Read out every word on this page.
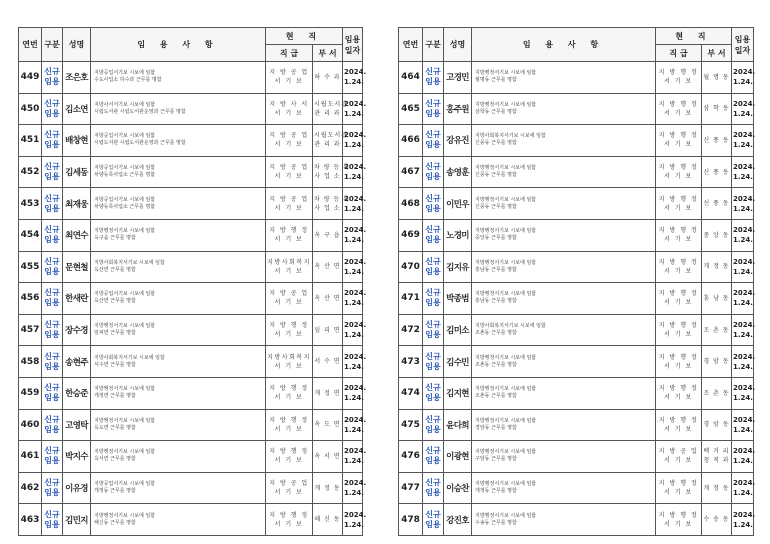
연번	구분	성명	임 용 사 항	현 직		임용
일자
				직 급	부 서	
449	신규
임용	조은호	지방공업서기보 시보에 임함
수도사업소 하수과 근무를 명함	지 방 공 업
서 기 보	하 수 과	2024.
1.24.

450	신규
임용	김소연	지방사서서기보 시보에 임함
시립도서관 시립도서관운영과 근무를 명함	지 방 사 서
서 기 보	시립도서관
관 리 과	2024.
1.24.

451	신규
임용	배창현	지방공업서기보 시보에 임함
시립도서관 시립도서관운영과 근무를 명함	지 방 공 업
서 기 보	시립도서관
관 리 과	2024.
1.24.

452	신규
임용	김세동	지방공업서기보 시보에 임함
차량등록사업소 근무를 명함	지 방 공 업
서 기 보	차 량 등 록
사 업 소	2024.
1.24.

453	신규
임용	최재웅	지방공업서기보 시보에 임함
차량등록사업소 근무를 명함	지 방 공 업
서 기 보	차 량 등 록
사 업 소	2024.
1.24.

454	신규
임용	최연수	지방행정서기보 시보에 임함
옥구읍 근무를 명함	지 방 행 정
서 기 보	옥 구 읍	2024.
1.24.

455	신규
임용	문현철	지방사회복지서기보 시보에 임함
옥산면 근무를 명함	지방사회복지
서 기 보	옥 산 면	2024.
1.24.

456	신규
임용	한새란	지방공업서기보 시보에 임함
옥산면 근무를 명함	지 방 공 업
서 기 보	옥 산 면	2024.
1.24.

457	신규
임용	장수경	지방행정서기보 시보에 임함
임피면 근무를 명함	지 방 행 정
서 기 보	임 피 면	2024.
1.24.

458	신규
임용	송현주	지방사회복지서기보 시보에 임함
서수면 근무를 명함	지방사회복지
서 기 보	서 수 면	2024.
1.24.

459	신규
임용	한승준	지방행정서기보 시보에 임함
개정면 근무를 명함	지 방 행 정
서 기 보	개 정 면	2024.
1.24.

460	신규
임용	고영탁	지방행정서기보 시보에 임함
옥도면 근무를 명함	지 방 행 정
서 기 보	옥 도 면	2024.
1.24.

461	신규
임용	박지수	지방행정서기보 시보에 임함
옥서면 근무를 명함	지 방 행 정
서 기 보	옥 서 면	2024.
1.24.

462	신규
임용	이유경	지방공업서기보 시보에 임함
개정동 근무를 명함	지 방 공 업
서 기 보	개 정 동	2024.
1.24.

463	신규
임용	김민지	지방행정서기보 시보에 임함
해신동 근무를 명함	지 방 행 정
서 기 보	해 신 동	2024.
1.24.
연번	구분	성명	임 용 사 항	현 직		임용
일자
				직 급	부 서	
464	신규
임용	고경민	지방행정서기보 시보에 임함
월명동 근무를 명함	지 방 행 정
서 기 보	월 명 동	2024.
1.24.

465	신규
임용	홍주원	지방행정서기보 시보에 임함
삼학동 근무를 명함	지 방 행 정
서 기 보	삼 학 동	2024.
1.24.

466	신규
임용	강유진	지방사회복지서기보 시보에 임함
신풍동 근무를 명함	지 방 행 정
서 기 보	신 풍 동	2024.
1.24.

467	신규
임용	송영훈	지방행정서기보 시보에 임함
신풍동 근무를 명함	지 방 행 정
서 기 보	신 풍 동	2024.
1.24.

468	신규
임용	이민우	지방행정서기보 시보에 임함
신풍동 근무를 명함	지 방 행 정
서 기 보	신 풍 동	2024.
1.24.

469	신규
임용	노경미	지방행정서기보 시보에 임함
중앙동 근무를 명함	지 방 행 정
서 기 보	중 앙 동	2024.
1.24.

470	신규
임용	김지유	지방행정서기보 시보에 임함
흥남동 근무를 명함	지 방 행 정
서 기 보	개 정 동	2024.
1.24.

471	신규
임용	박종범	지방행정서기보 시보에 임함
흥남동 근무를 명함	지 방 행 정
서 기 보	흥 남 동	2024.
1.24.

472	신규
임용	김미소	지방사회복지서기보 시보에 임함
조촌동 근무를 명함	지 방 행 정
서 기 보	조 촌 동	2024.
1.24.

473	신규
임용	김수민	지방행정서기보 시보에 임함
조촌동 근무를 명함	지 방 행 정
서 기 보	경 암 동	2024.
1.24.

474	신규
임용	김지현	지방행정서기보 시보에 임함
조촌동 근무를 명함	지 방 행 정
서 기 보	조 촌 동	2024.
1.24.

475	신규
임용	윤다희	지방행정서기보 시보에 임함
경암동 근무를 명함	지 방 행 정
서 기 보	경 암 동	2024.
1.24.

476	신규
임용	이광현	지방행정서기보 시보에 임함
구암동 근무를 명함	지 방 공 업
서 기 보	백 거 리
청 적 과	2024.
1.24.

477	신규
임용	이승찬	지방행정서기보 시보에 임함
개정동 근무를 명함	지 방 행 정
서 기 보	개 정 동	2024.
1.24.

478	신규
임용	강진호	지방행정서기보 시보에 임함
수송동 근무를 명함	지 방 행 정
서 기 보	수 송 동	2024.
1.24.
